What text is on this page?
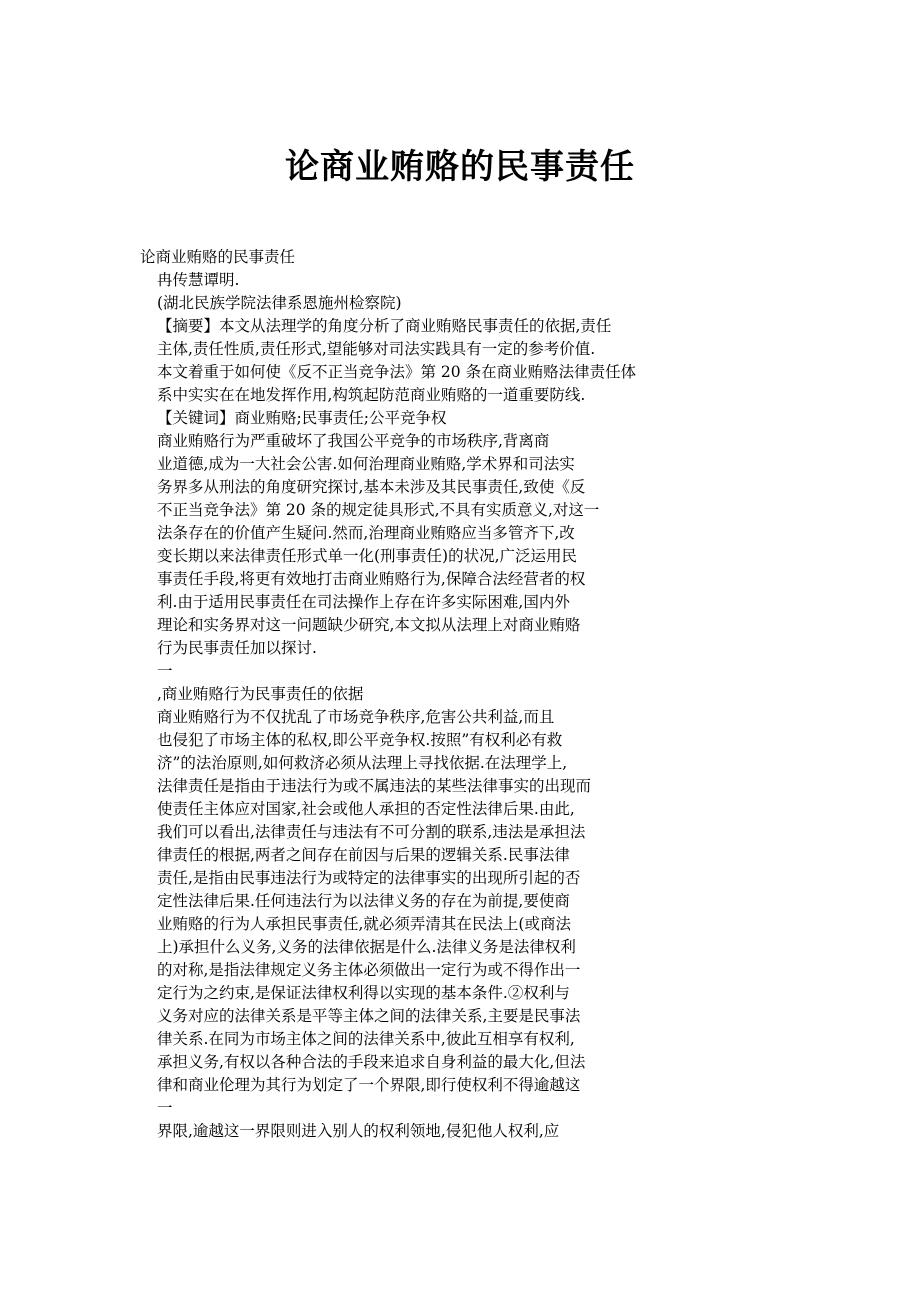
论商业贿赂的民事责任
论商业贿赂的民事责任
冉传慧谭明.
(湖北民族学院法律系恩施州检察院)
【摘要】本文从法理学的角度分析了商业贿赂民事责任的依据,责任
主体,责任性质,责任形式,望能够对司法实践具有一定的参考价值.
本文着重于如何使《反不正当竞争法》第 20 条在商业贿赂法律责任体
系中实实在在地发挥作用,构筑起防范商业贿赂的一道重要防线.
【关键词】商业贿赂;民事责任;公平竞争权
商业贿赂行为严重破坏了我国公平竞争的市场秩序,背离商
业道德,成为一大社会公害.如何治理商业贿赂,学术界和司法实
务界多从刑法的角度研究探讨,基本未涉及其民事责任,致使《反
不正当竞争法》第 20 条的规定徒具形式,不具有实质意义,对这一
法条存在的价值产生疑问.然而,治理商业贿赂应当多管齐下,改
变长期以来法律责任形式单一化(刑事责任)的状况,广泛运用民
事责任手段,将更有效地打击商业贿赂行为,保障合法经营者的权
利.由于适用民事责任在司法操作上存在许多实际困难,国内外
理论和实务界对这一问题缺少研究,本文拟从法理上对商业贿赂
行为民事责任加以探讨.
一
,商业贿赂行为民事责任的依据
商业贿赂行为不仅扰乱了市场竞争秩序,危害公共利益,而且
也侵犯了市场主体的私权,即公平竞争权.按照”有权利必有救
济”的法治原则,如何救济必须从法理上寻找依据.在法理学上,
法律责任是指由于违法行为或不属违法的某些法律事实的出现而
使责任主体应对国家,社会或他人承担的否定性法律后果.由此,
我们可以看出,法律责任与违法有不可分割的联系,违法是承担法
律责任的根据,两者之间存在前因与后果的逻辑关系.民事法律
责任,是指由民事违法行为或特定的法律事实的出现所引起的否
定性法律后果.任何违法行为以法律义务的存在为前提,要使商
业贿赂的行为人承担民事责任,就必须弄清其在民法上(或商法
上)承担什么义务,义务的法律依据是什么.法律义务是法律权利
的对称,是指法律规定义务主体必须做出一定行为或不得作出一
定行为之约束,是保证法律权利得以实现的基本条件.②权利与
义务对应的法律关系是平等主体之间的法律关系,主要是民事法
律关系.在同为市场主体之间的法律关系中,彼此互相享有权利,
承担义务,有权以各种合法的手段来追求自身利益的最大化,但法
律和商业伦理为其行为划定了一个界限,即行使权利不得逾越这
一
界限,逾越这一界限则进入别人的权利领地,侵犯他人权利,应
